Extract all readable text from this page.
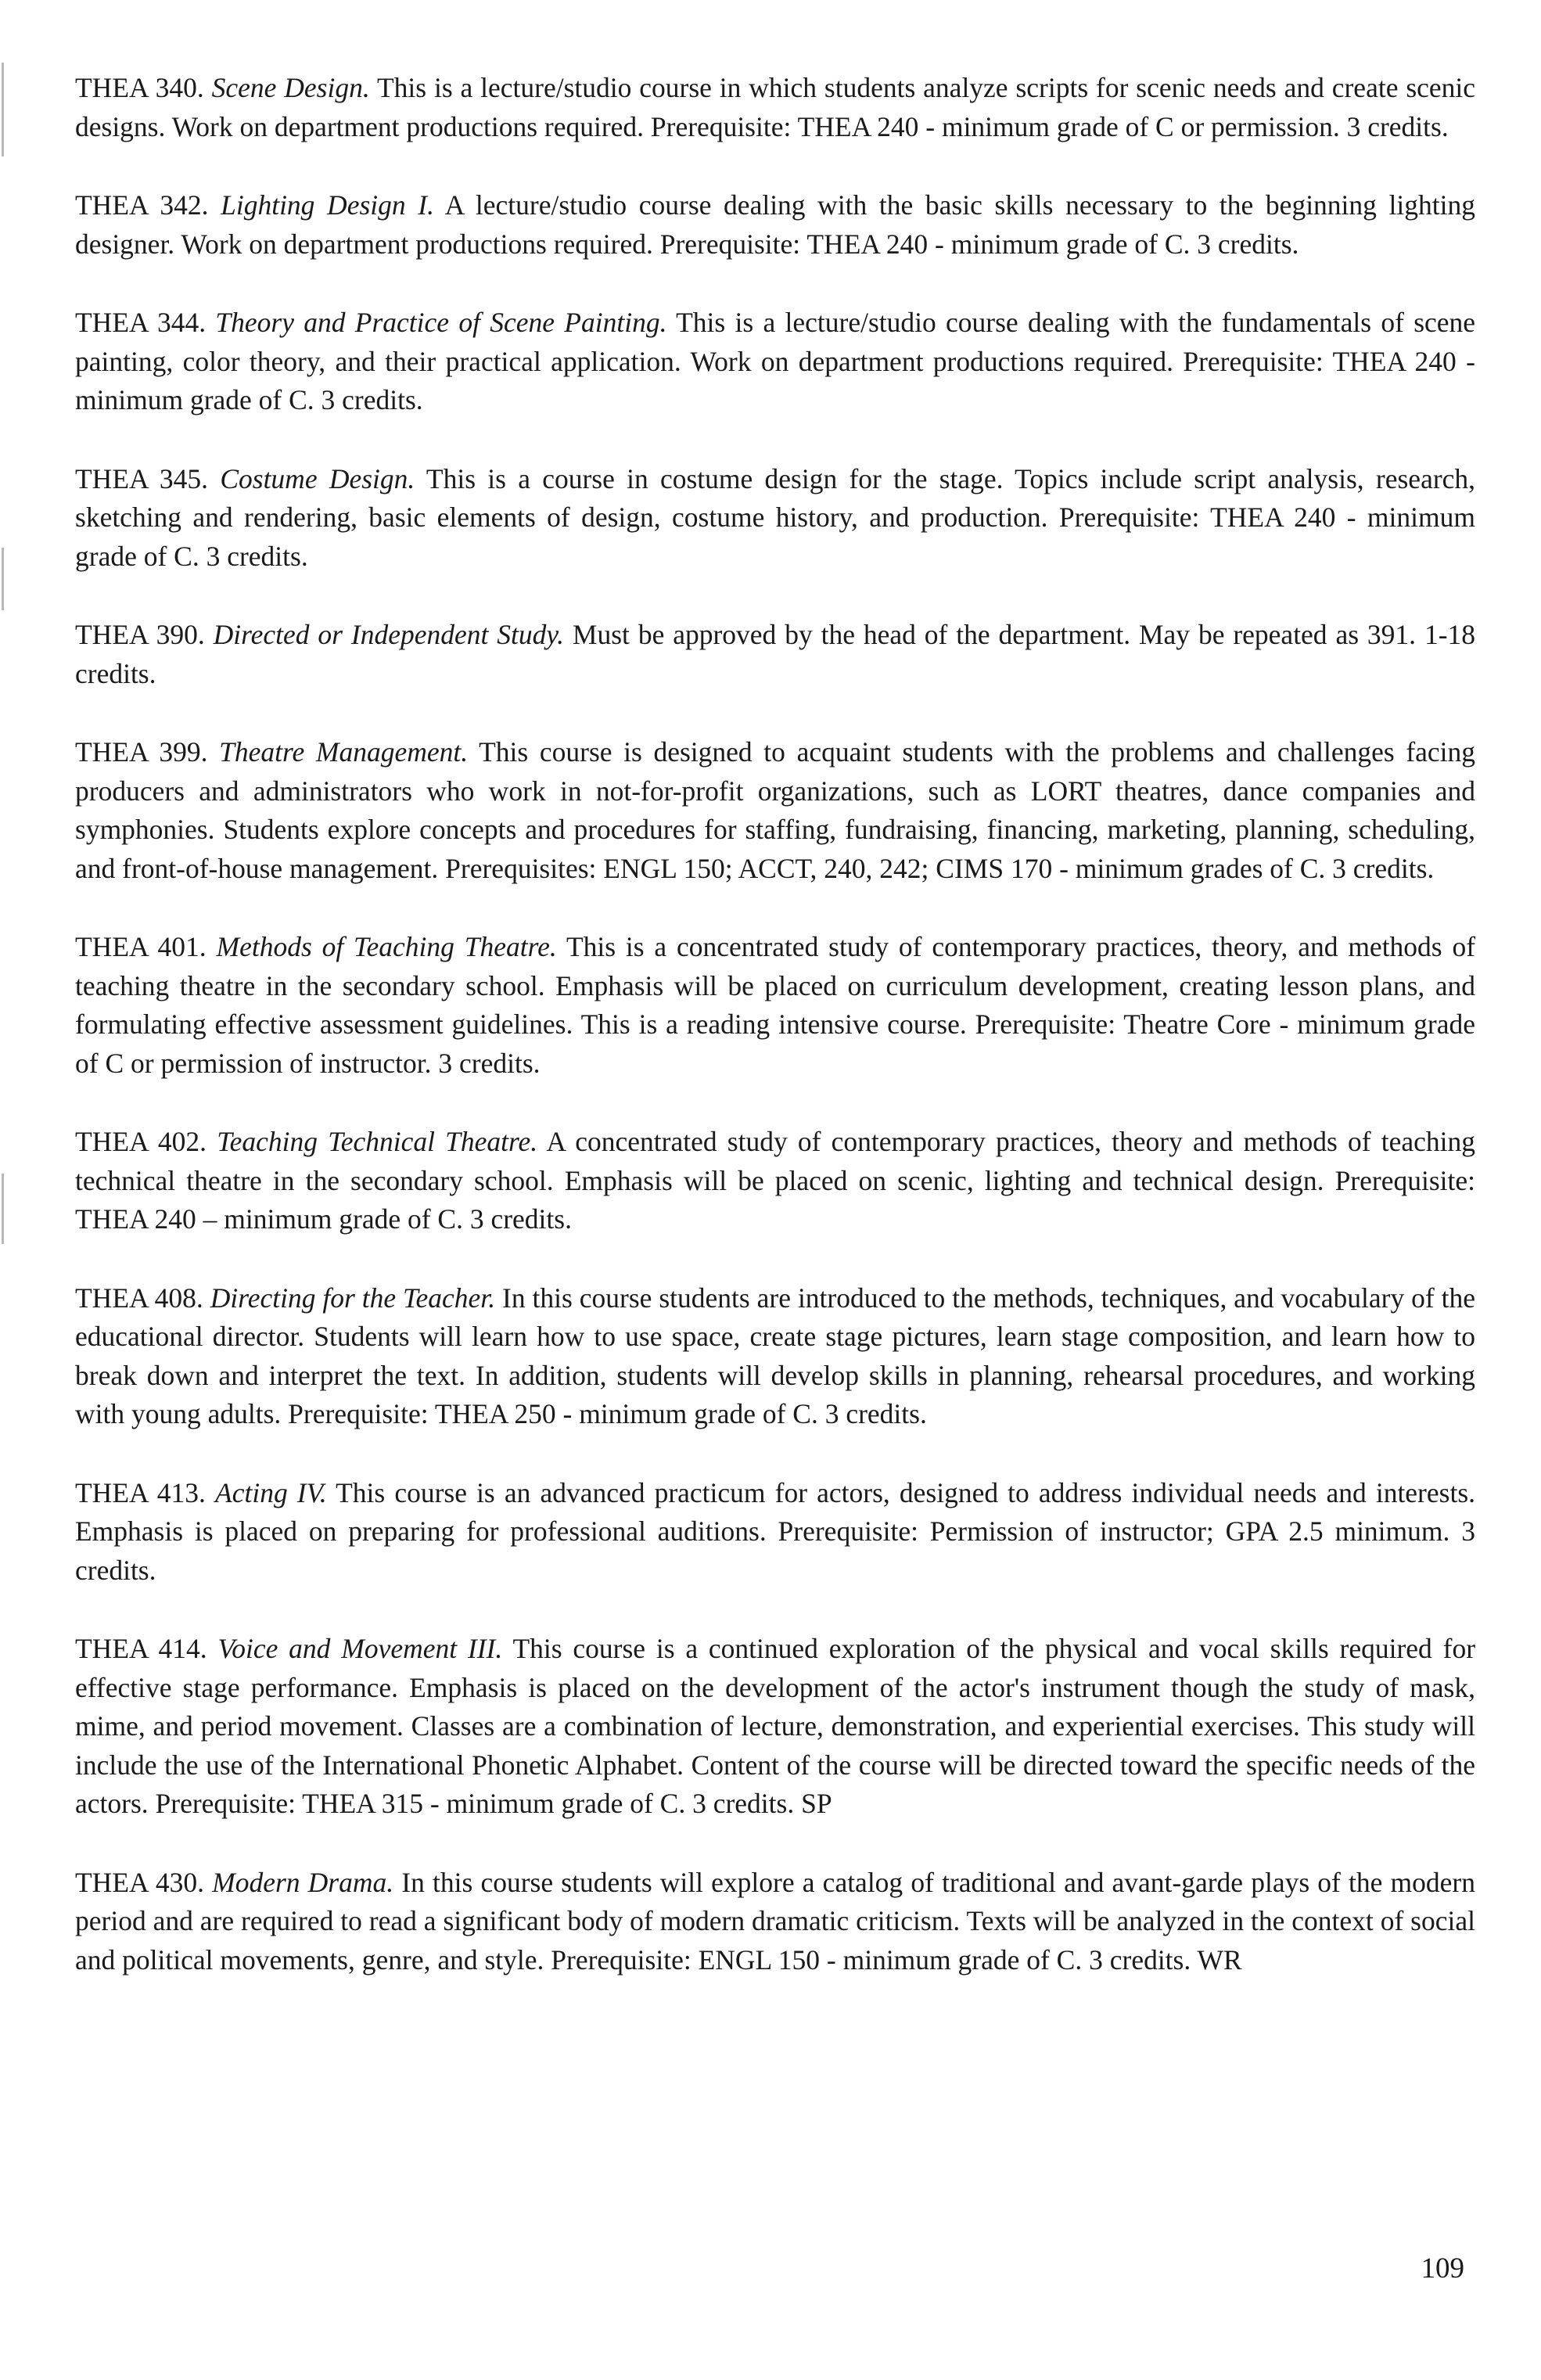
THEA 340. Scene Design. This is a lecture/studio course in which students analyze scripts for scenic needs and create scenic designs. Work on department productions required. Prerequisite: THEA 240 - minimum grade of C or permission. 3 credits.

THEA 342. Lighting Design I. A lecture/studio course dealing with the basic skills necessary to the beginning lighting designer. Work on department productions required. Prerequisite: THEA 240 - minimum grade of C. 3 credits.

THEA 344. Theory and Practice of Scene Painting. This is a lecture/studio course dealing with the fundamentals of scene painting, color theory, and their practical application. Work on department productions required. Prerequisite: THEA 240 - minimum grade of C. 3 credits.

THEA 345. Costume Design. This is a course in costume design for the stage. Topics include script analysis, research, sketching and rendering, basic elements of design, costume history, and production. Prerequisite: THEA 240 - minimum grade of C. 3 credits.

THEA 390. Directed or Independent Study. Must be approved by the head of the department. May be repeated as 391. 1-18 credits.

THEA 399. Theatre Management. This course is designed to acquaint students with the problems and challenges facing producers and administrators who work in not-for-profit organizations, such as LORT theatres, dance companies and symphonies. Students explore concepts and procedures for staffing, fundraising, financing, marketing, planning, scheduling, and front-of-house management. Prerequisites: ENGL 150; ACCT, 240, 242; CIMS 170 - minimum grades of C. 3 credits.

THEA 401. Methods of Teaching Theatre. This is a concentrated study of contemporary practices, theory, and methods of teaching theatre in the secondary school. Emphasis will be placed on curriculum development, creating lesson plans, and formulating effective assessment guidelines. This is a reading intensive course. Prerequisite: Theatre Core - minimum grade of C or permission of instructor. 3 credits.

THEA 402. Teaching Technical Theatre. A concentrated study of contemporary practices, theory and methods of teaching technical theatre in the secondary school. Emphasis will be placed on scenic, lighting and technical design. Prerequisite: THEA 240 – minimum grade of C. 3 credits.

THEA 408. Directing for the Teacher. In this course students are introduced to the methods, techniques, and vocabulary of the educational director. Students will learn how to use space, create stage pictures, learn stage composition, and learn how to break down and interpret the text. In addition, students will develop skills in planning, rehearsal procedures, and working with young adults. Prerequisite: THEA 250 - minimum grade of C. 3 credits.

THEA 413. Acting IV. This course is an advanced practicum for actors, designed to address individual needs and interests. Emphasis is placed on preparing for professional auditions. Prerequisite: Permission of instructor; GPA 2.5 minimum. 3 credits.

THEA 414. Voice and Movement III. This course is a continued exploration of the physical and vocal skills required for effective stage performance. Emphasis is placed on the development of the actor's instrument though the study of mask, mime, and period movement. Classes are a combination of lecture, demonstration, and experiential exercises. This study will include the use of the International Phonetic Alphabet. Content of the course will be directed toward the specific needs of the actors. Prerequisite: THEA 315 - minimum grade of C. 3 credits. SP

THEA 430. Modern Drama. In this course students will explore a catalog of traditional and avant-garde plays of the modern period and are required to read a significant body of modern dramatic criticism. Texts will be analyzed in the context of social and political movements, genre, and style. Prerequisite: ENGL 150 - minimum grade of C. 3 credits. WR

109
